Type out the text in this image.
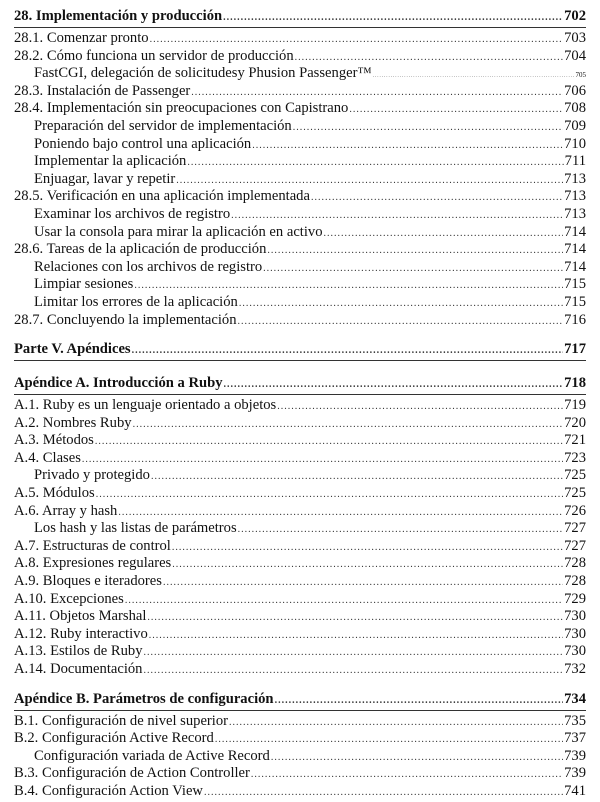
28. Implementación y producción .....	702
28.1. Comenzar pronto .....	703
28.2. Cómo funciona un servidor de producción .....	704
FastCGI, delegación de solicitudesy Phusion Passenger™ .....	705
28.3. Instalación de Passenger .....	706
28.4. Implementación sin preocupaciones con Capistrano .....	708
Preparación del servidor de implementación .....	709
Poniendo bajo control una aplicación .....	710
Implementar la aplicación .....	711
Enjuagar, lavar y repetir .....	713
28.5. Verificación en una aplicación implementada .....	713
Examinar los archivos de registro .....	713
Usar la consola para mirar la aplicación en activo .....	714
28.6. Tareas de la aplicación de producción .....	714
Relaciones con los archivos de registro .....	714
Limpiar sesiones .....	715
Limitar los errores de la aplicación .....	715
28.7. Concluyendo la implementación .....	716
Parte V. Apéndices .....	717
Apéndice A. Introducción a Ruby .....	718
A.1. Ruby es un lenguaje orientado a objetos .....	719
A.2. Nombres Ruby .....	720
A.3. Métodos .....	721
A.4. Clases .....	723
Privado y protegido .....	725
A.5. Módulos .....	725
A.6. Array y hash .....	726
Los hash y las listas de parámetros .....	727
A.7. Estructuras de control .....	727
A.8. Expresiones regulares .....	728
A.9. Bloques e iteradores .....	728
A.10. Excepciones .....	729
A.11. Objetos Marshal .....	730
A.12. Ruby interactivo .....	730
A.13. Estilos de Ruby .....	730
A.14. Documentación .....	732
Apéndice B. Parámetros de configuración .....	734
B.1. Configuración de nivel superior .....	735
B.2. Configuración Active Record .....	737
Configuración variada de Active Record .....	739
B.3. Configuración de Action Controller .....	739
B.4. Configuración Action View .....	741
